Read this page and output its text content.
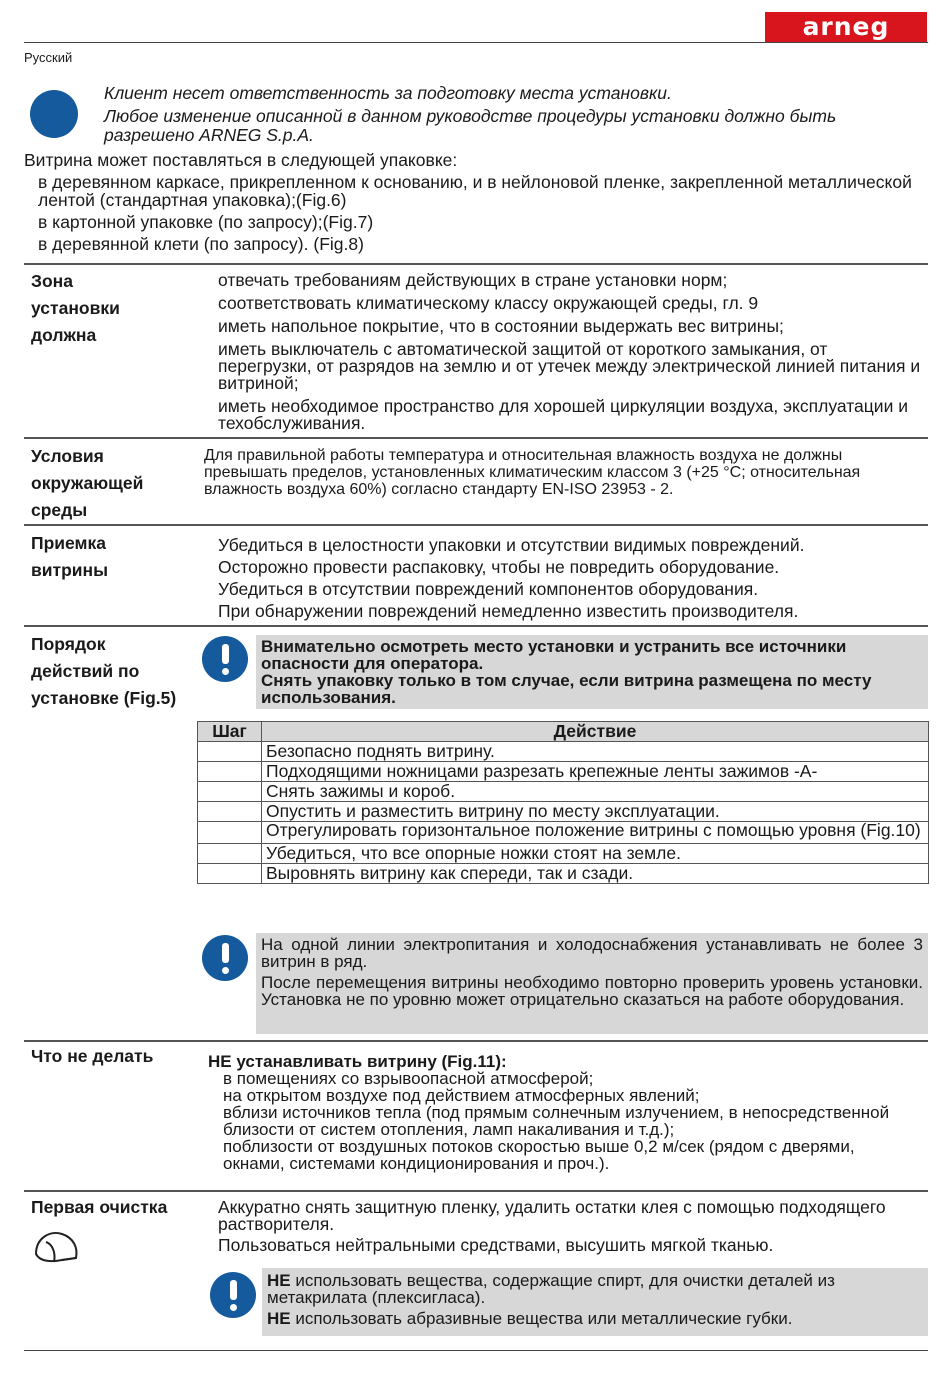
arneg
Русский
Клиент несет ответственность за подготовку места установки.
Любое изменение описанной в данном руководстве процедуры установки должно быть разрешено ARNEG S.p.A.
Витрина может поставляться в следующей упаковке:
в деревянном каркасе, прикрепленном к основанию, и в нейлоновой пленке, закрепленной металлической лентой (стандартная упаковка);(Fig.6)
в картонной упаковке (по запросу);(Fig.7)
в деревянной клети (по запросу). (Fig.8)
Зона установки должна

отвечать требованиям действующих в стране установки норм;

соответствовать климатическому классу окружающей среды, гл. 9

иметь напольное покрытие, что в состоянии выдержать вес витрины;

иметь выключатель с автоматической защитой от короткого замыкания, от перегрузки, от разрядов на землю и от утечек между электрической линией питания и витриной;

иметь необходимое пространство для хорошей циркуляции воздуха, эксплуатации и техобслуживания.

Условия окружающей среды
Для правильной работы температура и относительная влажность воздуха не должны превышать пределов, установленных климатическим классом 3 (+25 °C; относительная влажность воздуха 60%) согласно стандарту EN-ISO 23953 - 2.
Приемка витрины
Убедиться в целостности упаковки и отсутствии видимых повреждений.
Осторожно провести распаковку, чтобы не повредить оборудование.
Убедиться в отсутствии повреждений компонентов оборудования.
При обнаружении повреждений немедленно известить производителя.
Порядок действий по установке (Fig.5)
Внимательно осмотреть место установки и устранить все источники опасности для оператора.
Снять упаковку только в том случае, если витрина размещена по месту использования.
Шаг	Действие
	Безопасно поднять витрину.
	Подходящими ножницами разрезать крепежные ленты зажимов -А-
	Снять зажимы и короб.
	Опустить и разместить витрину по месту эксплуатации.
	Отрегулировать горизонтальное положение витрины с помощью уровня (Fig.10)
	Убедиться, что все опорные ножки стоят на земле.
	Выровнять витрину как спереди, так и сзади.
На одной линии электропитания и холодоснабжения устанавливать не более 3 витрин в ряд.
После перемещения витрины необходимо повторно проверить уровень установки. Установка не по уровню может отрицательно сказаться на работе оборудования.
Что не делать	НЕ устанавливать витрину (Fig.11):
в помещениях со взрывоопасной атмосферой;
на открытом воздухе под действием атмосферных явлений;
вблизи источников тепла (под прямым солнечным излучением, в непосредственной близости от систем отопления, ламп накаливания и т.д.);
поблизости от воздушных потоков скоростью выше 0,2 м/сек (рядом с дверями, окнами, системами кондиционирования и проч.).
Первая очистка	Аккуратно снять защитную пленку, удалить остатки клея с помощью подходящего растворителя.

Пользоваться нейтральными средствами, высушить мягкой тканью.

НЕ использовать вещества, содержащие спирт, для очистки деталей из метакрилата (плексигласа).
НЕ использовать абразивные вещества или металлические губки.
